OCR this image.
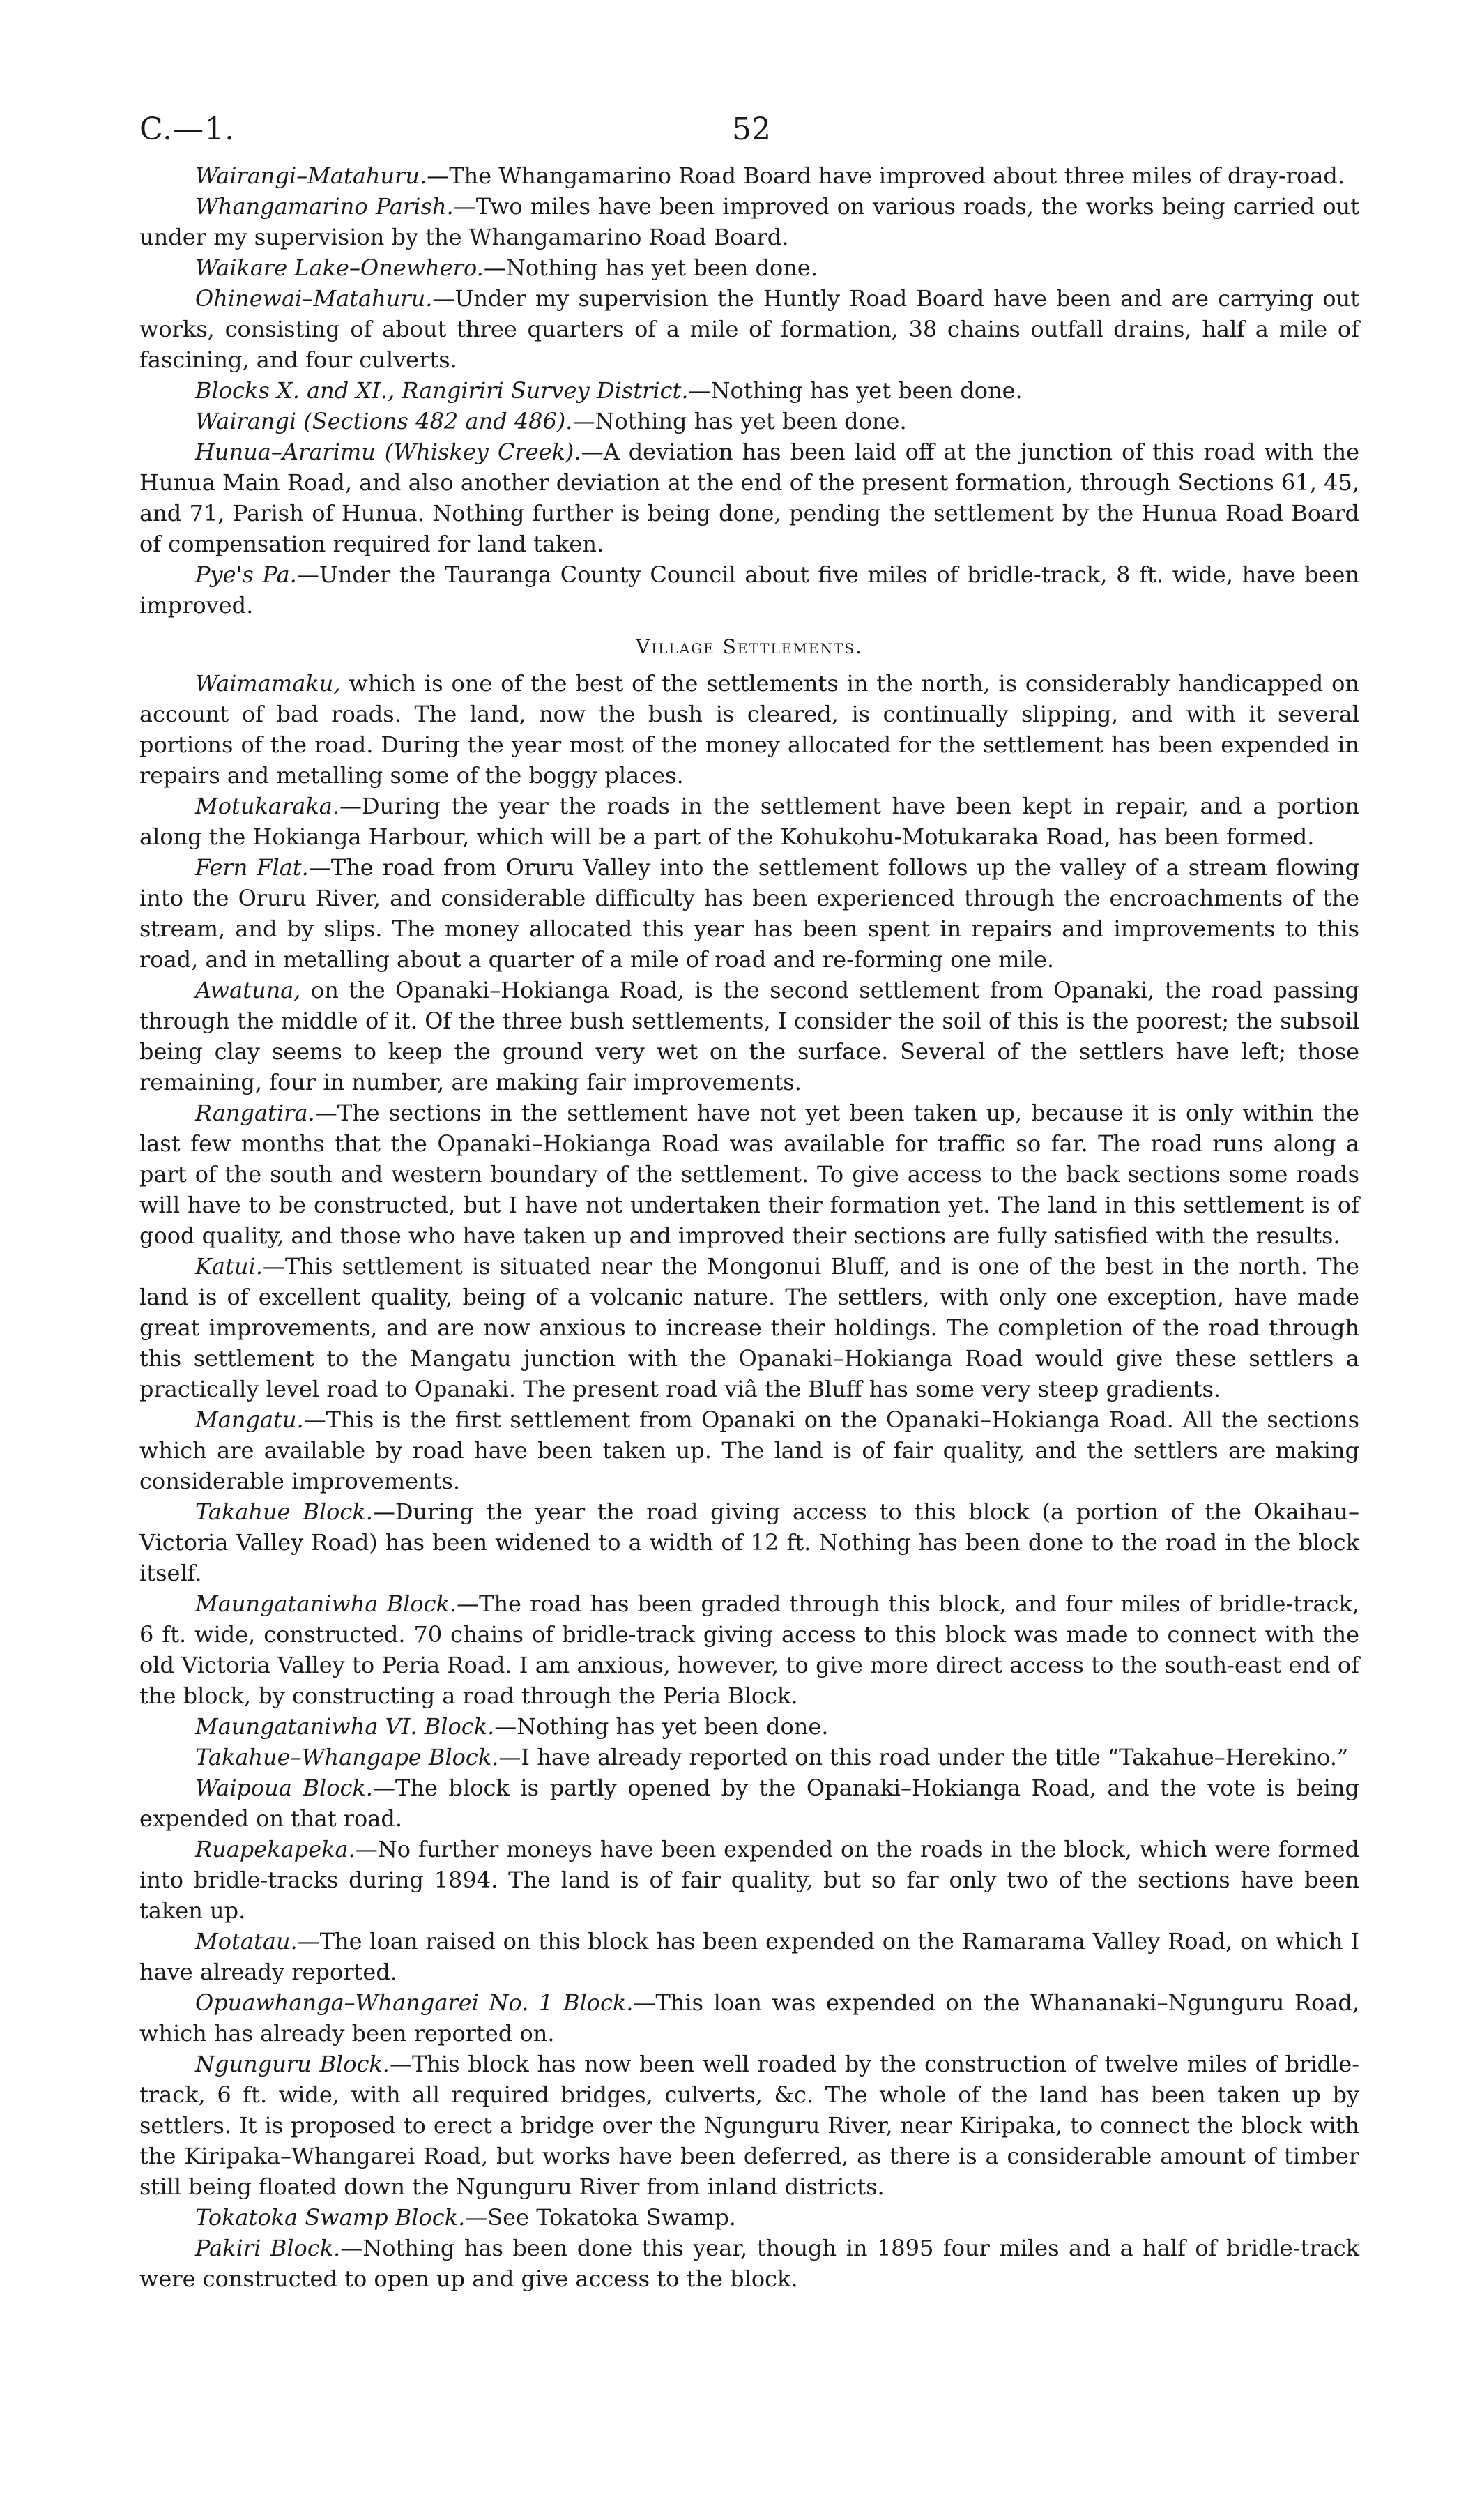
C.—1.	52

Wairangi–Matahuru.—The Whangamarino Road Board have improved about three miles of dray-road.

Whangamarino Parish.—Two miles have been improved on various roads, the works being carried out under my supervision by the Whangamarino Road Board.

Waikare Lake–Onewhero.—Nothing has yet been done.

Ohinewai–Matahuru.—Under my supervision the Huntly Road Board have been and are carrying out works, consisting of about three quarters of a mile of formation, 38 chains outfall drains, half a mile of fascining, and four culverts.

Blocks X. and XI., Rangiriri Survey District.—Nothing has yet been done.

Wairangi (Sections 482 and 486).—Nothing has yet been done.

Hunua–Ararimu (Whiskey Creek).—A deviation has been laid off at the junction of this road with the Hunua Main Road, and also another deviation at the end of the present formation, through Sections 61, 45, and 71, Parish of Hunua. Nothing further is being done, pending the settlement by the Hunua Road Board of compensation required for land taken.

Pye's Pa.—Under the Tauranga County Council about five miles of bridle-track, 8 ft. wide, have been improved.

Village Settlements.

Waimamaku, which is one of the best of the settlements in the north, is considerably handicapped on account of bad roads. The land, now the bush is cleared, is continually slipping, and with it several portions of the road. During the year most of the money allocated for the settlement has been expended in repairs and metalling some of the boggy places.

Motukaraka.—During the year the roads in the settlement have been kept in repair, and a portion along the Hokianga Harbour, which will be a part of the Kohukohu-Motukaraka Road, has been formed.

Fern Flat.—The road from Oruru Valley into the settlement follows up the valley of a stream flowing into the Oruru River, and considerable difficulty has been experienced through the encroachments of the stream, and by slips. The money allocated this year has been spent in repairs and improvements to this road, and in metalling about a quarter of a mile of road and re-forming one mile.

Awatuna, on the Opanaki–Hokianga Road, is the second settlement from Opanaki, the road passing through the middle of it. Of the three bush settlements, I consider the soil of this is the poorest; the subsoil being clay seems to keep the ground very wet on the surface. Several of the settlers have left; those remaining, four in number, are making fair improvements.

Rangatira.—The sections in the settlement have not yet been taken up, because it is only within the last few months that the Opanaki–Hokianga Road was available for traffic so far. The road runs along a part of the south and western boundary of the settlement. To give access to the back sections some roads will have to be constructed, but I have not undertaken their formation yet. The land in this settlement is of good quality, and those who have taken up and improved their sections are fully satisfied with the results.

Katui.—This settlement is situated near the Mongonui Bluff, and is one of the best in the north. The land is of excellent quality, being of a volcanic nature. The settlers, with only one exception, have made great improvements, and are now anxious to increase their holdings. The completion of the road through this settlement to the Mangatu junction with the Opanaki–Hokianga Road would give these settlers a practically level road to Opanaki. The present road viâ the Bluff has some very steep gradients.

Mangatu.—This is the first settlement from Opanaki on the Opanaki–Hokianga Road. All the sections which are available by road have been taken up. The land is of fair quality, and the settlers are making considerable improvements.

Takahue Block.—During the year the road giving access to this block (a portion of the Okaihau–Victoria Valley Road) has been widened to a width of 12 ft. Nothing has been done to the road in the block itself.

Maungataniwha Block.—The road has been graded through this block, and four miles of bridle-track, 6 ft. wide, constructed. 70 chains of bridle-track giving access to this block was made to connect with the old Victoria Valley to Peria Road. I am anxious, however, to give more direct access to the south-east end of the block, by constructing a road through the Peria Block.

Maungataniwha VI. Block.—Nothing has yet been done.

Takahue–Whangape Block.—I have already reported on this road under the title “Takahue–Herekino.”

Waipoua Block.—The block is partly opened by the Opanaki–Hokianga Road, and the vote is being expended on that road.

Ruapekapeka.—No further moneys have been expended on the roads in the block, which were formed into bridle-tracks during 1894. The land is of fair quality, but so far only two of the sections have been taken up.

Motatau.—The loan raised on this block has been expended on the Ramarama Valley Road, on which I have already reported.

Opuawhanga–Whangarei No. 1 Block.—This loan was expended on the Whananaki–Ngunguru Road, which has already been reported on.

Ngunguru Block.—This block has now been well roaded by the construction of twelve miles of bridle-track, 6 ft. wide, with all required bridges, culverts, &c. The whole of the land has been taken up by settlers. It is proposed to erect a bridge over the Ngunguru River, near Kiripaka, to connect the block with the Kiripaka–Whangarei Road, but works have been deferred, as there is a considerable amount of timber still being floated down the Ngunguru River from inland districts.

Tokatoka Swamp Block.—See Tokatoka Swamp.

Pakiri Block.—Nothing has been done this year, though in 1895 four miles and a half of bridle-track were constructed to open up and give access to the block.
